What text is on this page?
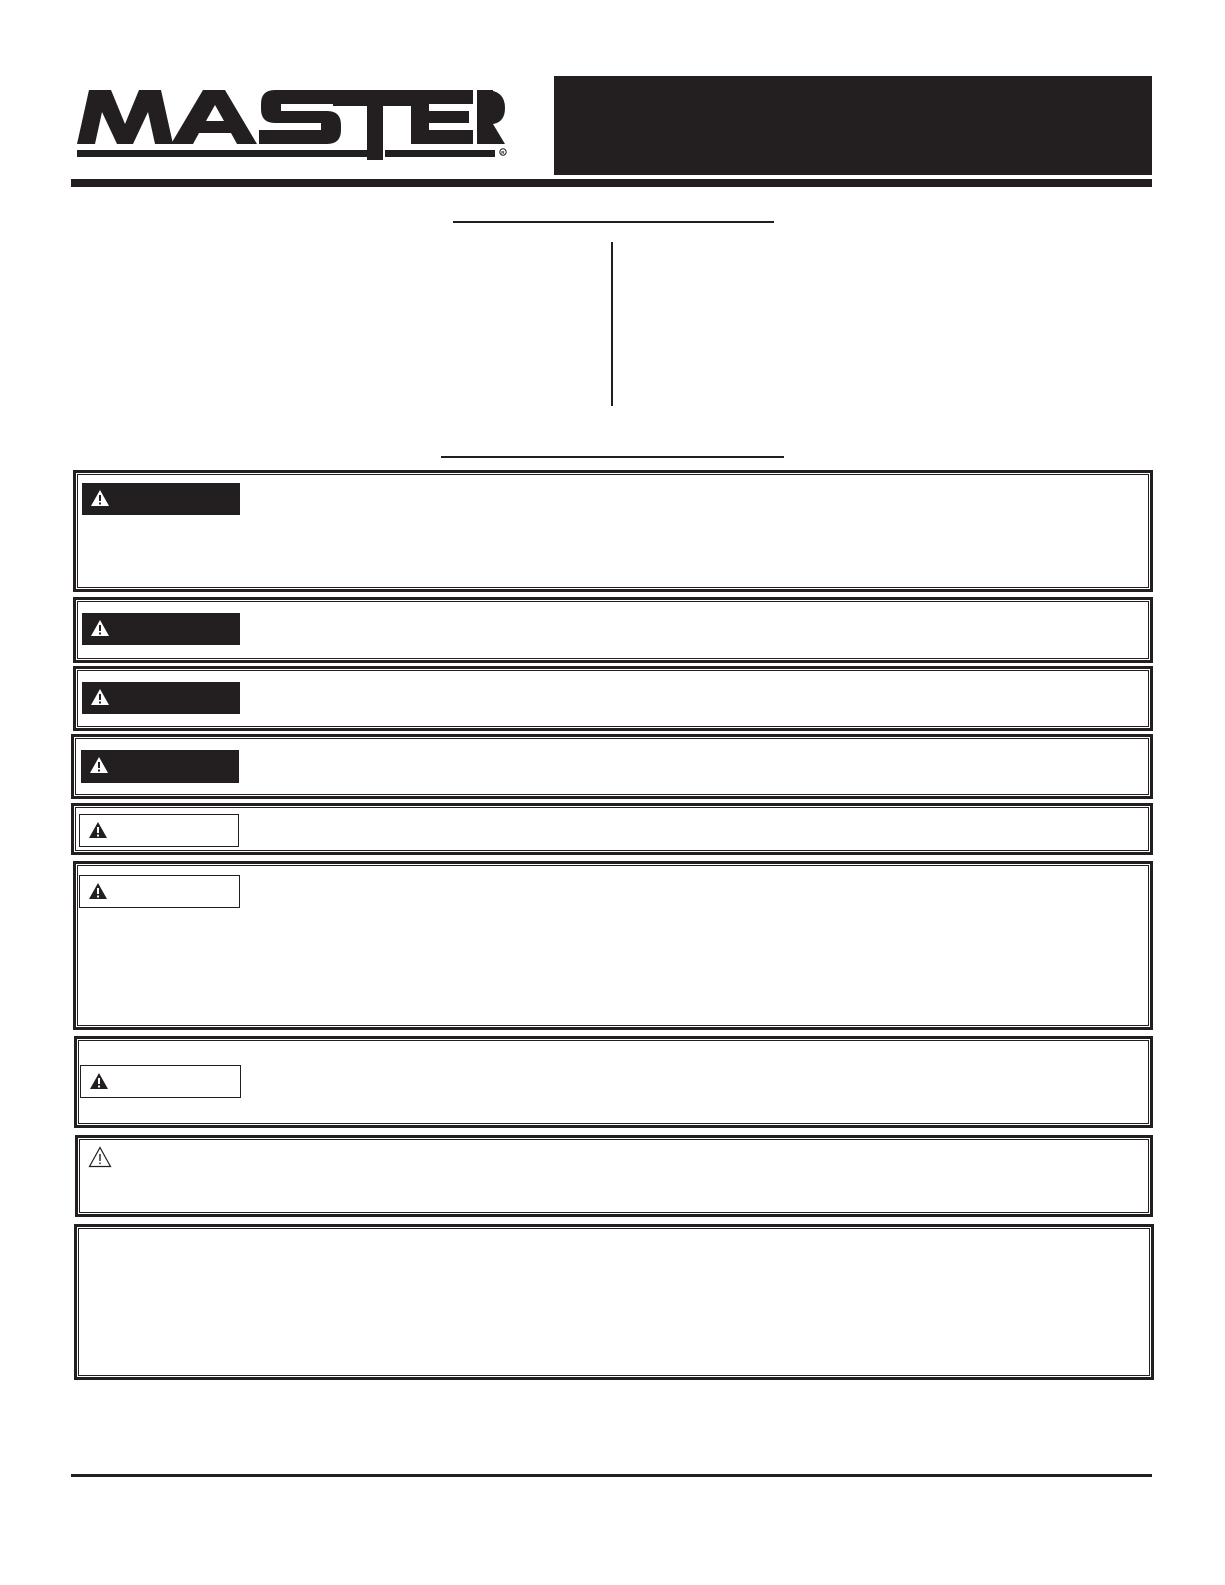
R
